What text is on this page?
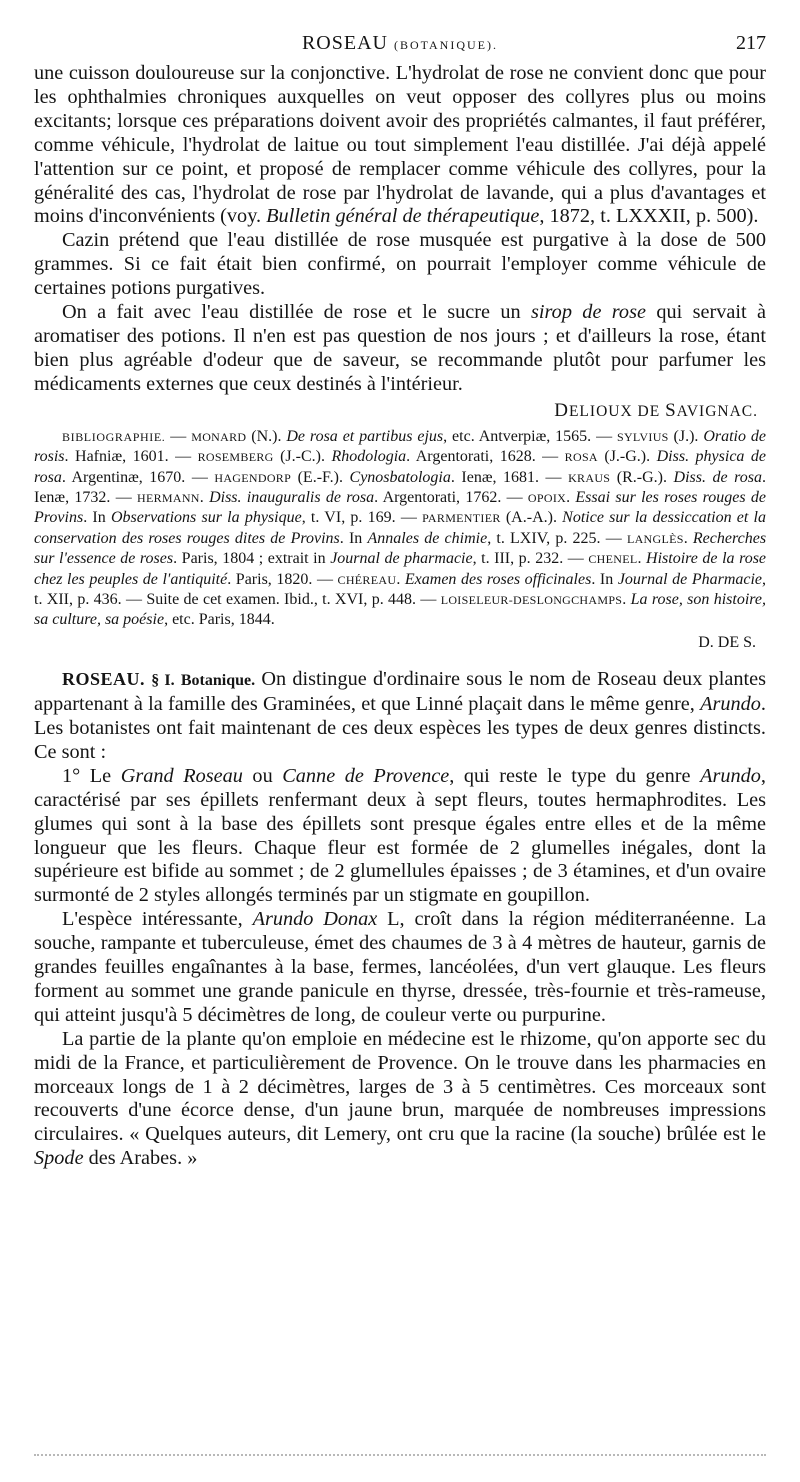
ROSEAU (BOTANIQUE).	217

une cuisson douloureuse sur la conjonctive. L'hydrolat de rose ne convient donc que pour les ophthalmies chroniques auxquelles on veut opposer des collyres plus ou moins excitants; lorsque ces préparations doivent avoir des propriétés calmantes, il faut préférer, comme véhicule, l'hydrolat de laitue ou tout simplement l'eau distillée. J'ai déjà appelé l'attention sur ce point, et proposé de remplacer comme véhicule des collyres, pour la généralité des cas, l'hydrolat de rose par l'hydrolat de lavande, qui a plus d'avantages et moins d'inconvénients (voy. Bulletin général de thérapeutique, 1872, t. LXXXII, p. 500).

Cazin prétend que l'eau distillée de rose musquée est purgative à la dose de 500 grammes. Si ce fait était bien confirmé, on pourrait l'employer comme véhicule de certaines potions purgatives.

On a fait avec l'eau distillée de rose et le sucre un sirop de rose qui servait à aromatiser des potions. Il n'en est pas question de nos jours ; et d'ailleurs la rose, étant bien plus agréable d'odeur que de saveur, se recommande plutôt pour parfumer les médicaments externes que ceux destinés à l'intérieur.

DELIOUX DE SAVIGNAC.

BIBLIOGRAPHIE. — MONARD (N.). De rosa et partibus ejus, etc. Antverpiæ, 1565. — SYLVIUS (J.). Oratio de rosis. Hafniæ, 1601. — ROSEMBERG (J.-C.). Rhodologia. Argentorati, 1628. — ROSA (J.-G.). Diss. physica de rosa. Argentinæ, 1670. — HAGENDORP (E.-F.). Cynosbatologia. Ienæ, 1681. — KRAUS (R.-G.). Diss. de rosa. Ienæ, 1732. — HERMANN. Diss. inauguralis de rosa. Argentorati, 1762. — OPOIX. Essai sur les roses rouges de Provins. In Observations sur la physique, t. VI, p. 169. — PARMENTIER (A.-A.). Notice sur la dessiccation et la conservation des roses rouges dites de Provins. In Annales de chimie, t. LXIV, p. 225. — LANGLÈS. Recherches sur l'essence de roses. Paris, 1804 ; extrait in Journal de pharmacie, t. III, p. 232. — CHENEL. Histoire de la rose chez les peuples de l'antiquité. Paris, 1820. — CHÉREAU. Examen des roses officinales. In Journal de Pharmacie, t. XII, p. 436. — Suite de cet examen. Ibid., t. XVI, p. 448. — LOISELEUR-DESLONGCHAMPS. La rose, son histoire, sa culture, sa poésie, etc. Paris, 1844.

D. DE S.

ROSEAU. § I. Botanique. On distingue d'ordinaire sous le nom de Roseau deux plantes appartenant à la famille des Graminées, et que Linné plaçait dans le même genre, Arundo. Les botanistes ont fait maintenant de ces deux espèces les types de deux genres distincts. Ce sont :

1° Le Grand Roseau ou Canne de Provence, qui reste le type du genre Arundo, caractérisé par ses épillets renfermant deux à sept fleurs, toutes hermaphrodites. Les glumes qui sont à la base des épillets sont presque égales entre elles et de la même longueur que les fleurs. Chaque fleur est formée de 2 glumelles inégales, dont la supérieure est bifide au sommet ; de 2 glumellules épaisses ; de 3 étamines, et d'un ovaire surmonté de 2 styles allongés terminés par un stigmate en goupillon.

L'espèce intéressante, Arundo Donax L, croît dans la région méditerranéenne. La souche, rampante et tuberculeuse, émet des chaumes de 3 à 4 mètres de hauteur, garnis de grandes feuilles engaînantes à la base, fermes, lancéolées, d'un vert glauque. Les fleurs forment au sommet une grande panicule en thyrse, dressée, très-fournie et très-rameuse, qui atteint jusqu'à 5 décimètres de long, de couleur verte ou purpurine.

La partie de la plante qu'on emploie en médecine est le rhizome, qu'on apporte sec du midi de la France, et particulièrement de Provence. On le trouve dans les pharmacies en morceaux longs de 1 à 2 décimètres, larges de 3 à 5 centimètres. Ces morceaux sont recouverts d'une écorce dense, d'un jaune brun, marquée de nombreuses impressions circulaires. « Quelques auteurs, dit Lemery, ont cru que la racine (la souche) brûlée est le Spode des Arabes. »
